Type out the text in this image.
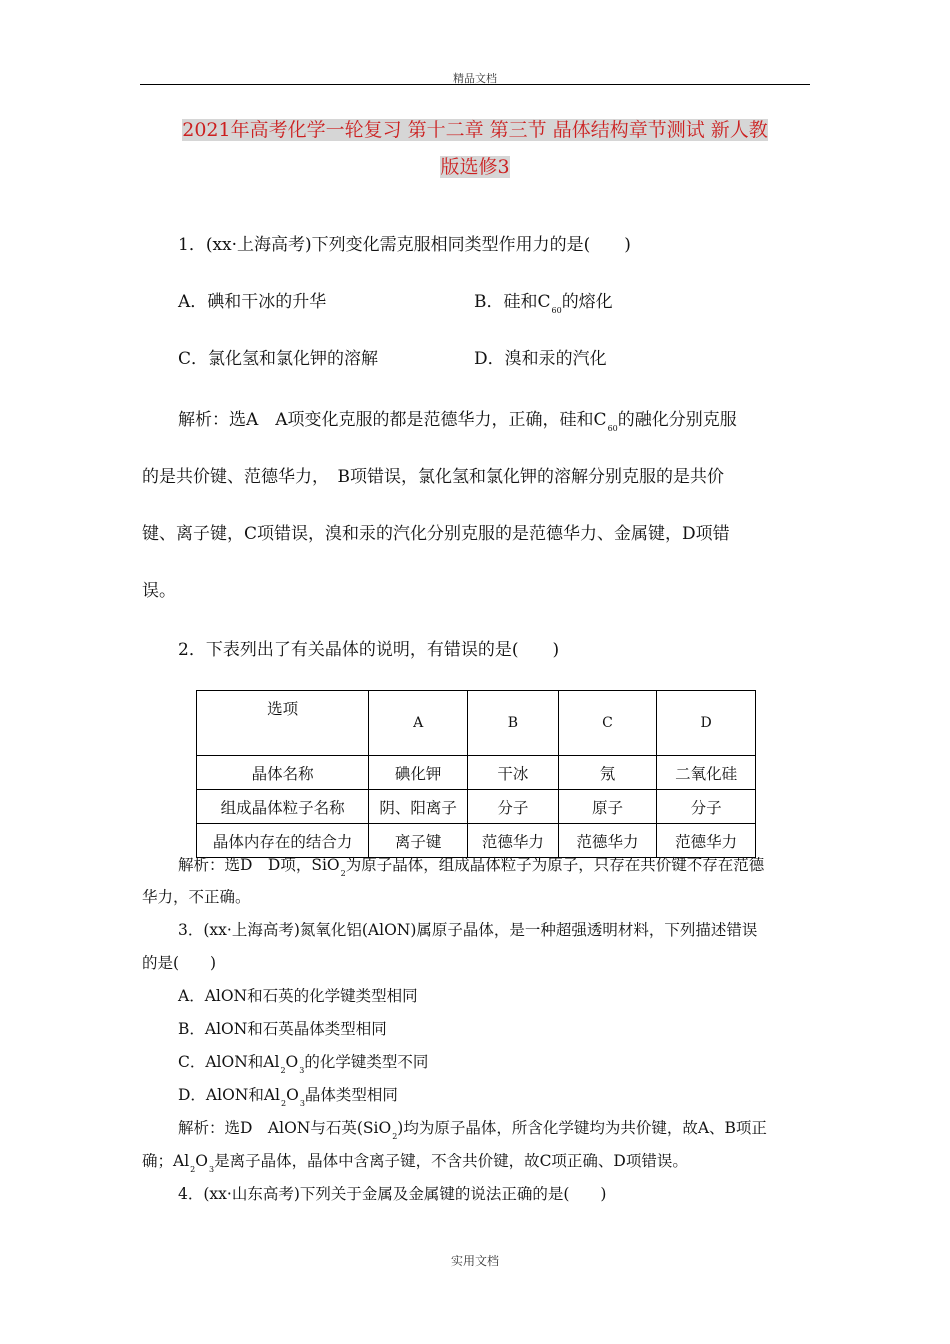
精品文档
2021年高考化学一轮复习 第十二章 第三节 晶体结构章节测试 新人教
版选修3
1．(xx·上海高考)下列变化需克服相同类型作用力的是(　　)
A．碘和干冰的升华	B．硅和$C_{60}$的熔化
C．氯化氢和氯化钾的溶解	D．溴和汞的汽化
解析：选A　A项变化克服的都是范德华力，正确，硅和$C_{60}$的融化分别克服
的是共价键、范德华力，　B项错误，氯化氢和氯化钾的溶解分别克服的是共价
键、离子键，C项错误，溴和汞的汽化分别克服的是范德华力、金属键，D项错
误。
2．下表列出了有关晶体的说明，有错误的是(　　)
选项	A	B	C	D
晶体名称	碘化钾	干冰	氖	二氧化硅
组成晶体粒子名称	阴、阳离子	分子	原子	分子
晶体内存在的结合力	离子键	范德华力	范德华力	范德华力
解析：选D　D项，SiO$_2$为原子晶体，组成晶体粒子为原子，只存在共价键不存在范德
华力，不正确。
3．(xx·上海高考)氮氧化铝(AlON)属原子晶体，是一种超强透明材料，下列描述错误
的是(　　)
A．AlON和石英的化学键类型相同
B．AlON和石英晶体类型相同
C．AlON和$Al_2O_3$的化学键类型不同
D．AlON和$Al_2O_3$晶体类型相同
解析：选D　AlON与石英(SiO$_2$)均为原子晶体，所含化学键均为共价键，故A、B项正
确；$Al_2O_3$是离子晶体，晶体中含离子键，不含共价键，故C项正确、D项错误。
4．(xx·山东高考)下列关于金属及金属键的说法正确的是(　　)
实用文档
